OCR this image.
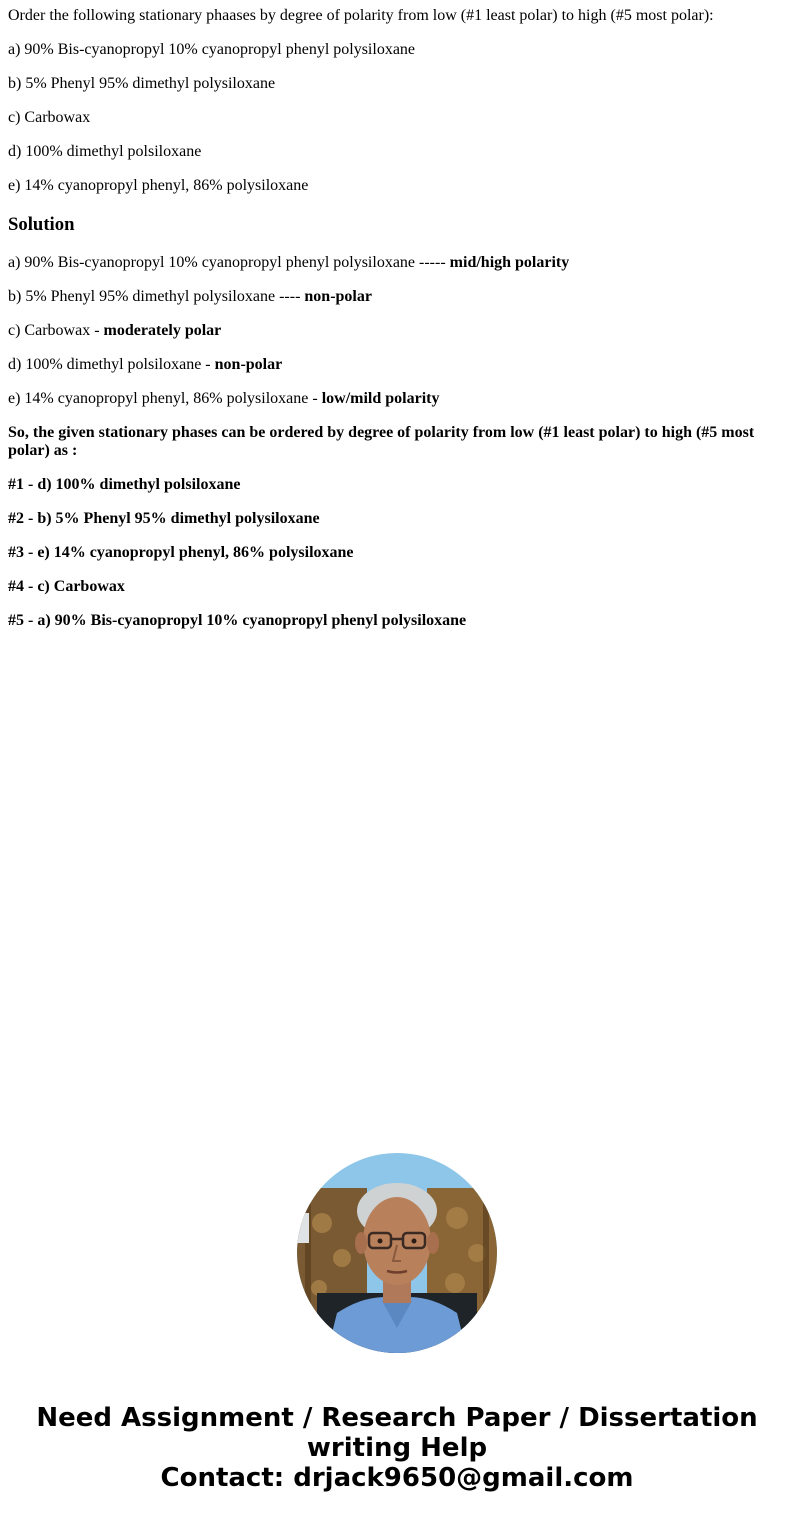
Order the following stationary phaases by degree of polarity from low (#1 least polar) to high (#5 most polar):
a) 90% Bis-cyanopropyl 10% cyanopropyl phenyl polysiloxane
b) 5% Phenyl 95% dimethyl polysiloxane
c) Carbowax
d) 100% dimethyl polsiloxane
e) 14% cyanopropyl phenyl, 86% polysiloxane
Solution
a) 90% Bis-cyanopropyl 10% cyanopropyl phenyl polysiloxane ----- mid/high polarity
b) 5% Phenyl 95% dimethyl polysiloxane ---- non-polar
c) Carbowax - moderately polar
d) 100% dimethyl polsiloxane - non-polar
e) 14% cyanopropyl phenyl, 86% polysiloxane - low/mild polarity
So, the given stationary phases can be ordered by degree of polarity from low (#1 least polar) to high (#5 most polar) as :
#1 - d) 100% dimethyl polsiloxane
#2 - b) 5% Phenyl 95% dimethyl polysiloxane
#3 - e) 14% cyanopropyl phenyl, 86% polysiloxane
#4 - c) Carbowax
#5 - a) 90% Bis-cyanopropyl 10% cyanopropyl phenyl polysiloxane
Need Assignment / Research Paper / Dissertation
writing Help
Contact: drjack9650@gmail.com
